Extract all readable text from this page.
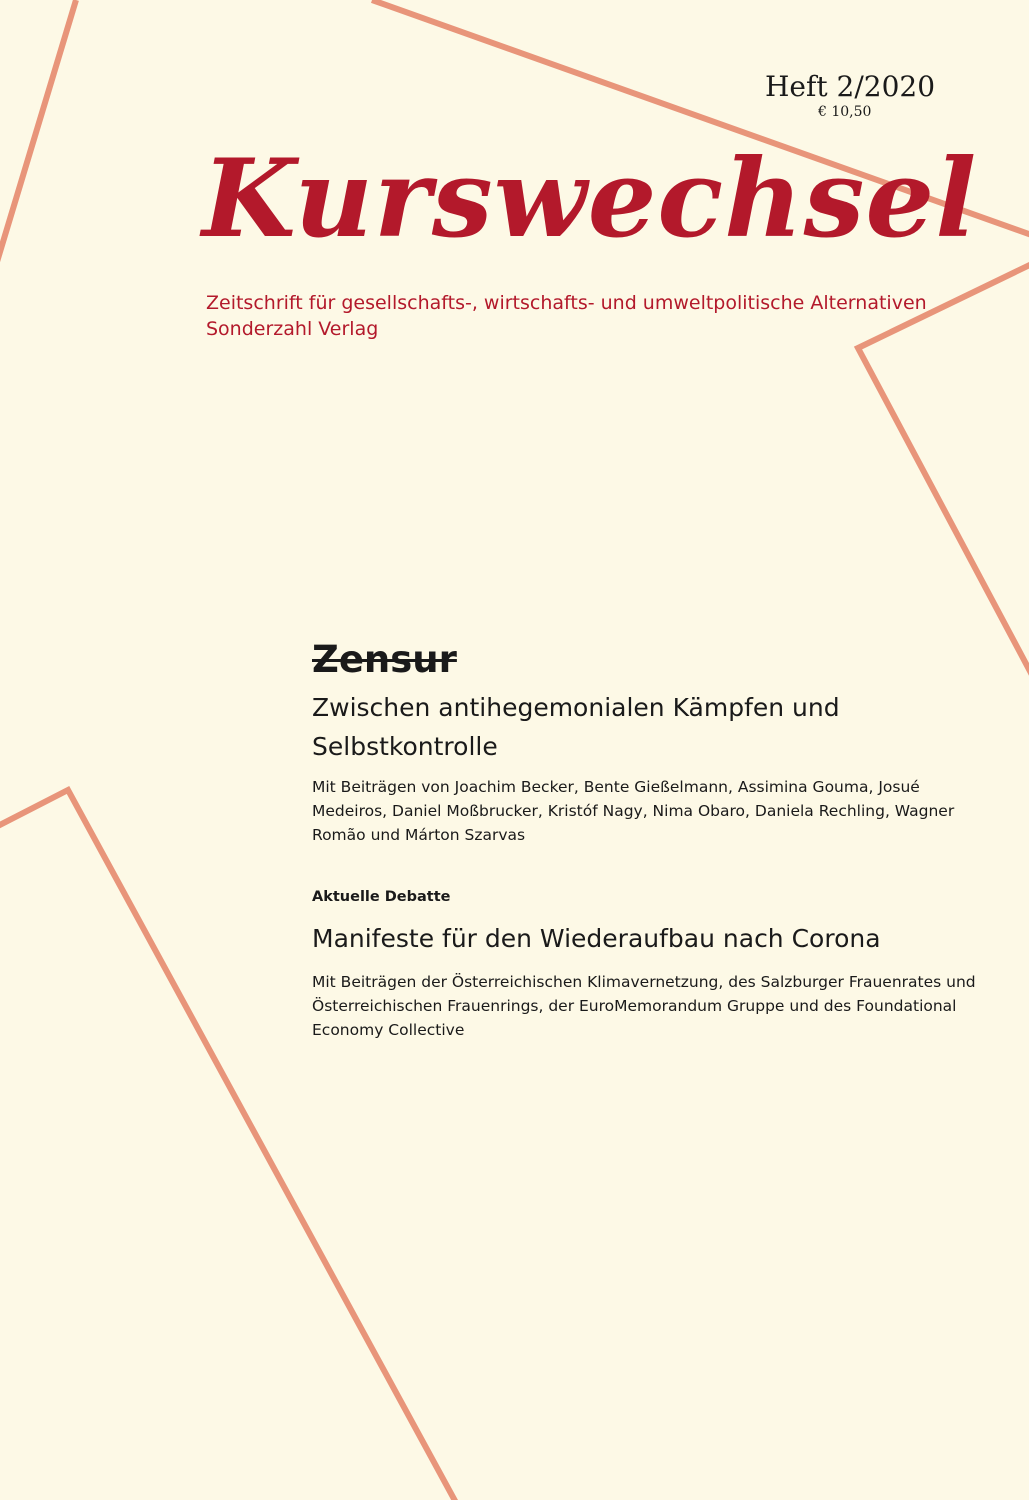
Heft 2/2020

€ 10,50

Kurswechsel
Zeitschrift für gesellschafts-, wirtschafts- und umweltpolitische Alternativen
Sonderzahl Verlag
Zensur

Zwischen antihegemonialen Kämpfen und Selbstkontrolle

Mit Beiträgen von Joachim Becker, Bente Gießelmann, Assimina Gouma, Josué Medeiros, Daniel Moßbrucker, Kristóf Nagy, Nima Obaro, Daniela Rechling, Wagner Romão und Márton Szarvas

Aktuelle Debatte

Manifeste für den Wiederaufbau nach Corona

Mit Beiträgen der Österreichischen Klimavernetzung, des Salzburger Frauenrates und Österreichischen Frauenrings, der EuroMemorandum Gruppe und des Foundational Economy Collective
